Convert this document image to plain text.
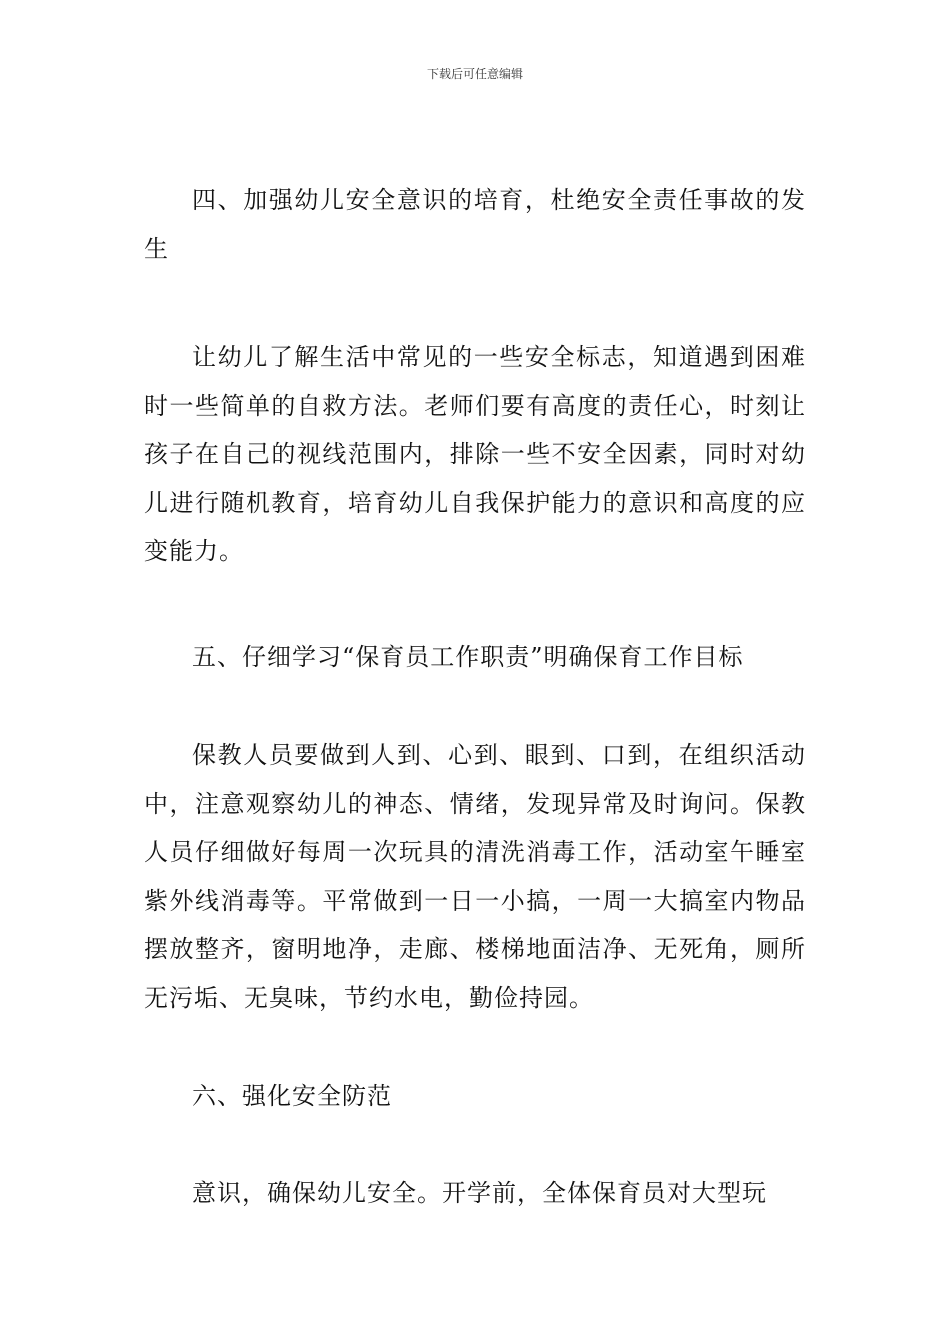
下载后可任意编辑

四、加强幼儿安全意识的培育，杜绝安全责任事故的发生

让幼儿了解生活中常见的一些安全标志，知道遇到困难时一些简单的自救方法。老师们要有高度的责任心，时刻让孩子在自己的视线范围内，排除一些不安全因素，同时对幼儿进行随机教育，培育幼儿自我保护能力的意识和高度的应变能力。

五、仔细学习“保育员工作职责”明确保育工作目标

保教人员要做到人到、心到、眼到、口到，在组织活动中，注意观察幼儿的神态、情绪，发现异常及时询问。保教人员仔细做好每周一次玩具的清洗消毒工作，活动室午睡室紫外线消毒等。平常做到一日一小搞，一周一大搞室内物品摆放整齐，窗明地净，走廊、楼梯地面洁净、无死角，厕所无污垢、无臭味，节约水电，勤俭持园。

六、强化安全防范

意识，确保幼儿安全。开学前，全体保育员对大型玩
